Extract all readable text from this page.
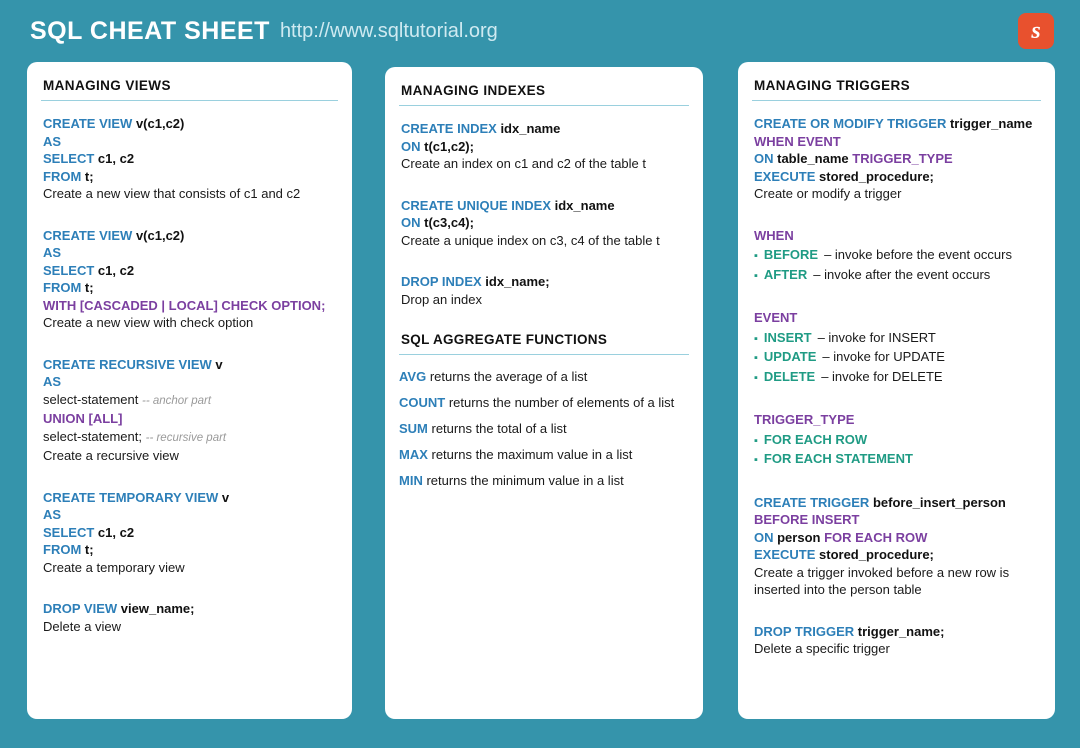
SQL CHEAT SHEET http://www.sqltutorial.org	s
MANAGING VIEWS
CREATE VIEW v(c1,c2)
AS
SELECT c1, c2
FROM t;
Create a new view that consists of c1 and c2
CREATE VIEW v(c1,c2)
AS
SELECT c1, c2
FROM t;
WITH [CASCADED | LOCAL] CHECK OPTION;
Create a new view with check option
CREATE RECURSIVE VIEW v
AS
select-statement -- anchor part
UNION [ALL]
select-statement; -- recursive part
Create a recursive view
CREATE TEMPORARY VIEW v
AS
SELECT c1, c2
FROM t;
Create a temporary view
DROP VIEW view_name;
Delete a view
MANAGING INDEXES
CREATE INDEX idx_name
ON t(c1,c2);
Create an index on c1 and c2 of the table t
CREATE UNIQUE INDEX idx_name
ON t(c3,c4);
Create a unique index on c3, c4 of the table t
DROP INDEX idx_name;
Drop an index
SQL AGGREGATE FUNCTIONS
AVG returns the average of a list
COUNT returns the number of elements of a list
SUM returns the total of a list
MAX returns the maximum value in a list
MIN returns the minimum value in a list
MANAGING TRIGGERS
CREATE OR MODIFY TRIGGER trigger_name
WHEN EVENT
ON table_name TRIGGER_TYPE
EXECUTE stored_procedure;
Create or modify a trigger
WHEN
▪ BEFORE – invoke before the event occurs
▪ AFTER – invoke after the event occurs
EVENT
▪ INSERT – invoke for INSERT
▪ UPDATE – invoke for UPDATE
▪ DELETE – invoke for DELETE
TRIGGER_TYPE
▪ FOR EACH ROW
▪ FOR EACH STATEMENT
CREATE TRIGGER before_insert_person
BEFORE INSERT
ON person FOR EACH ROW
EXECUTE stored_procedure;
Create a trigger invoked before a new row is
inserted into the person table
DROP TRIGGER trigger_name;
Delete a specific trigger
